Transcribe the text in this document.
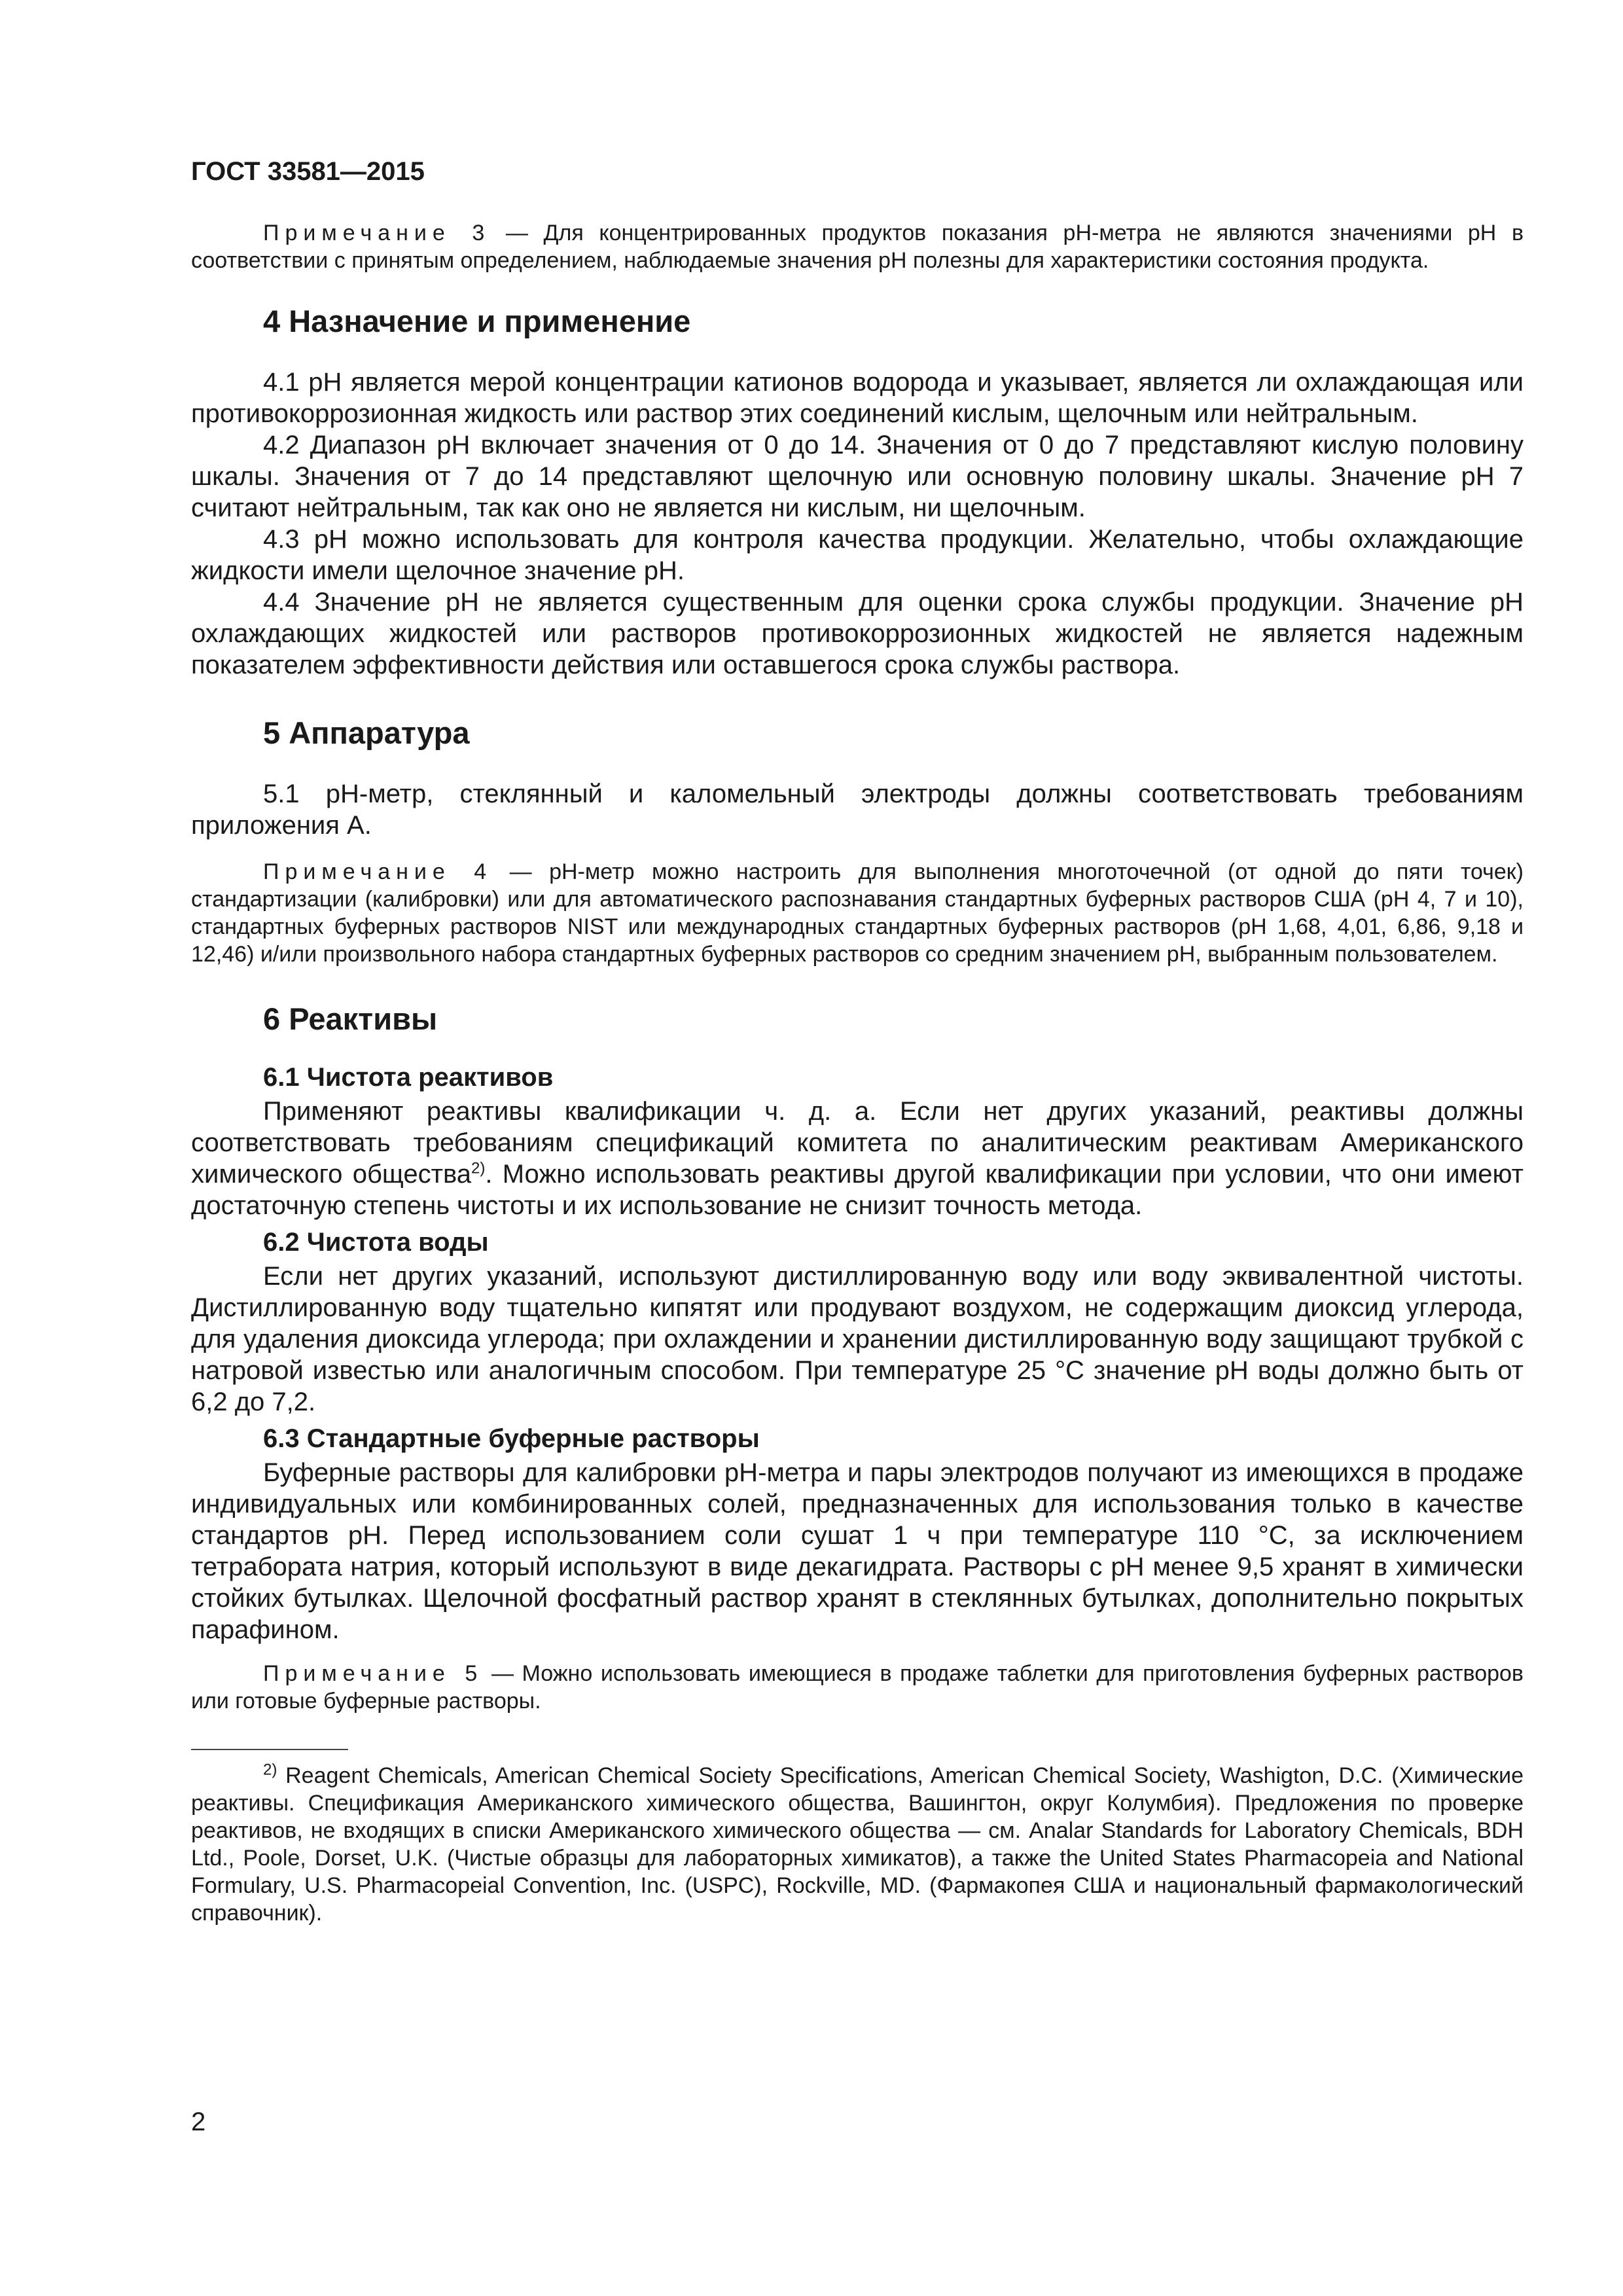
ГОСТ 33581—2015

Примечание 3 — Для концентрированных продуктов показания рН-метра не являются значениями рН в соответствии с принятым определением, наблюдаемые значения рН полезны для характеристики состояния продукта.

4 Назначение и применение

4.1 рН является мерой концентрации катионов водорода и указывает, является ли охлаждающая или противокоррозионная жидкость или раствор этих соединений кислым, щелочным или нейтральным.

4.2 Диапазон рН включает значения от 0 до 14. Значения от 0 до 7 представляют кислую половину шкалы. Значения от 7 до 14 представляют щелочную или основную половину шкалы. Значение рН 7 считают нейтральным, так как оно не является ни кислым, ни щелочным.

4.3 рН можно использовать для контроля качества продукции. Желательно, чтобы охлаждающие жидкости имели щелочное значение рН.

4.4 Значение рН не является существенным для оценки срока службы продукции. Значение рН охлаждающих жидкостей или растворов противокоррозионных жидкостей не является надежным показателем эффективности действия или оставшегося срока службы раствора.

5 Аппаратура

5.1 рН-метр, стеклянный и каломельный электроды должны соответствовать требованиям приложения А.

Примечание 4 — рН-метр можно настроить для выполнения многоточечной (от одной до пяти точек) стандартизации (калибровки) или для автоматического распознавания стандартных буферных растворов США (рН 4, 7 и 10), стандартных буферных растворов NIST или международных стандартных буферных растворов (рН 1,68, 4,01, 6,86, 9,18 и 12,46) и/или произвольного набора стандартных буферных растворов со средним значением рН, выбранным пользователем.

6 Реактивы
6.1 Чистота реактивов

Применяют реактивы квалификации ч. д. а. Если нет других указаний, реактивы должны соответствовать требованиям спецификаций комитета по аналитическим реактивам Американского химического общества$^{2)}$. Можно использовать реактивы другой квалификации при условии, что они имеют достаточную степень чистоты и их использование не снизит точность метода.

6.2 Чистота воды

Если нет других указаний, используют дистиллированную воду или воду эквивалентной чистоты. Дистиллированную воду тщательно кипятят или продувают воздухом, не содержащим диоксид углерода, для удаления диоксида углерода; при охлаждении и хранении дистиллированную воду защищают трубкой с натровой известью или аналогичным способом. При температуре 25 °С значение рН воды должно быть от 6,2 до 7,2.

6.3 Стандартные буферные растворы

Буферные растворы для калибровки рН-метра и пары электродов получают из имеющихся в продаже индивидуальных или комбинированных солей, предназначенных для использования только в качестве стандартов рН. Перед использованием соли сушат 1 ч при температуре 110 °С, за исключением тетрабората натрия, который используют в виде декагидрата. Растворы с рН менее 9,5 хранят в химически стойких бутылках. Щелочной фосфатный раствор хранят в стеклянных бутылках, дополнительно покрытых парафином.

Примечание 5 — Можно использовать имеющиеся в продаже таблетки для приготовления буферных растворов или готовые буферные растворы.

$^{2)}$ Reagent Chemicals, American Chemical Society Specifications, American Chemical Society, Washigton, D.C. (Химические реактивы. Спецификация Американского химического общества, Вашингтон, округ Колумбия). Предложения по проверке реактивов, не входящих в списки Американского химического общества — см. Analar Standards for Laboratory Chemicals, BDH Ltd., Poole, Dorset, U.K. (Чистые образцы для лабораторных химикатов), а также the United States Pharmacopeia and National Formulary, U.S. Pharmacopeial Convention, Inc. (USPC), Rockville, MD. (Фармакопея США и национальный фармакологический справочник).

2
